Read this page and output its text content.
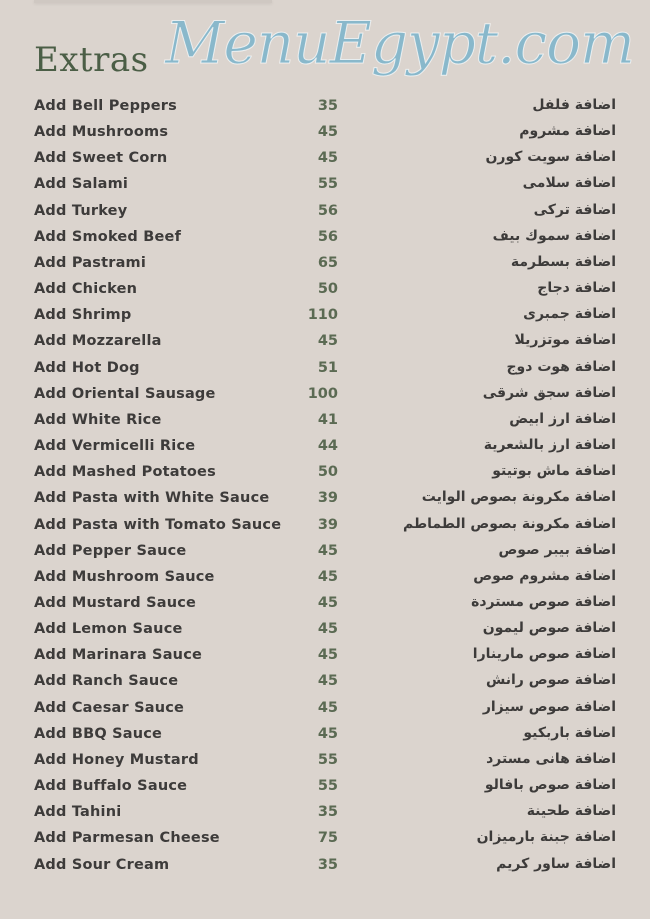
Extras MenuEgypt.com
Add Bell Peppers	35	اضافة فلفل
Add Mushrooms	45	اضافة مشروم
Add Sweet Corn	45	اضافة سويت كورن
Add Salami	55	اضافة سلامى
Add Turkey	56	اضافة تركى
Add Smoked Beef	56	اضافة سموك بيف
Add Pastrami	65	اضافة بسطرمة
Add Chicken	50	اضافة دجاج
Add Shrimp	110	اضافة جمبرى
Add Mozzarella	45	اضافة موتزريلا
Add Hot Dog	51	اضافة هوت دوج
Add Oriental Sausage	100	اضافة سجق شرقى
Add White Rice	41	اضافة ارز ابيض
Add Vermicelli Rice	44	اضافة ارز بالشعرية
Add Mashed Potatoes	50	اضافة ماش بوتيتو
Add Pasta with White Sauce	39	اضافة مكرونة بصوص الوايت
Add Pasta with Tomato Sauce	39	اضافة مكرونة بصوص الطماطم
Add Pepper Sauce	45	اضافة بيبر صوص
Add Mushroom Sauce	45	اضافة مشروم صوص
Add Mustard Sauce	45	اضافة صوص مستردة
Add Lemon Sauce	45	اضافة صوص ليمون
Add Marinara Sauce	45	اضافة صوص مارينارا
Add Ranch Sauce	45	اضافة صوص رانش
Add Caesar Sauce	45	اضافة صوص سيزار
Add BBQ Sauce	45	اضافة باربكيو
Add Honey Mustard	55	اضافة هانى مسترد
Add Buffalo Sauce	55	اضافة صوص بافالو
Add Tahini	35	اضافة طحينة
Add Parmesan Cheese	75	اضافة جبنة بارميزان
Add Sour Cream	35	اضافة ساور كريم
